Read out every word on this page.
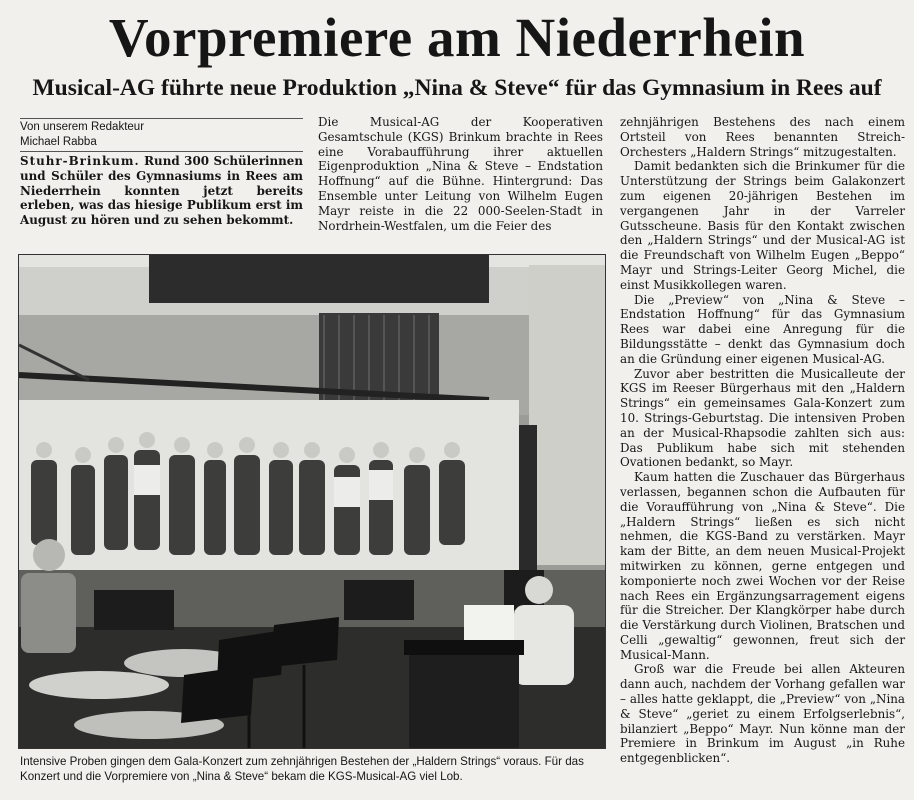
Vorpremiere am Niederrhein
Musical-AG führte neue Produktion „Nina & Steve“ für das Gymnasium in Rees auf
Von unserem Redakteur
Michael Rabba

Stuhr-Brinkum. Rund 300 Schülerinnen und Schüler des Gymnasiums in Rees am Niederrhein konnten jetzt bereits erleben, was das hiesige Publikum erst im August zu hören und zu sehen bekommt.

Die Musical-AG der Kooperativen Gesamtschule (KGS) Brinkum brachte in Rees eine Vorabaufführung ihrer aktuellen Eigenproduktion „Nina & Steve – Endstation Hoffnung“ auf die Bühne. Hintergrund: Das Ensemble unter Leitung von Wilhelm Eugen Mayr reiste in die 22 000-Seelen-Stadt in Nordrhein-Westfalen, um die Feier des

zehnjährigen Bestehens des nach einem Ortsteil von Rees benannten Streich-Orchesters „Haldern Strings“ mitzugestalten.

Damit bedankten sich die Brinkumer für die Unterstützung der Strings beim Galakonzert zum eigenen 20-jährigen Bestehen im vergangenen Jahr in der Varreler Gutsscheune. Basis für den Kontakt zwischen den „Haldern Strings“ und der Musical-AG ist die Freundschaft von Wilhelm Eugen „Beppo“ Mayr und Strings-Leiter Georg Michel, die einst Musikkollegen waren.

Die „Preview“ von „Nina & Steve – Endstation Hoffnung“ für das Gymnasium Rees war dabei eine Anregung für die Bildungsstätte – denkt das Gymnasium doch an die Gründung einer eigenen Musical-AG.

Zuvor aber bestritten die Musicalleute der KGS im Reeser Bürgerhaus mit den „Haldern Strings“ ein gemeinsames Gala-Konzert zum 10. Strings-Geburtstag. Die intensiven Proben an der Musical-Rhapsodie zahlten sich aus: Das Publikum habe sich mit stehenden Ovationen bedankt, so Mayr.

Kaum hatten die Zuschauer das Bürgerhaus verlassen, begannen schon die Aufbauten für die Voraufführung von „Nina & Steve“. Die „Haldern Strings“ ließen es sich nicht nehmen, die KGS-Band zu verstärken. Mayr kam der Bitte, an dem neuen Musical-Projekt mitwirken zu können, gerne entgegen und komponierte noch zwei Wochen vor der Reise nach Rees ein Ergänzungsarragement eigens für die Streicher. Der Klangkörper habe durch die Verstärkung durch Violinen, Bratschen und Celli „gewaltig“ gewonnen, freut sich der Musical-Mann.

Groß war die Freude bei allen Akteuren dann auch, nachdem der Vorhang gefallen war – alles hatte geklappt, die „Preview“ von „Nina & Steve“ „geriet zu einem Erfolgserlebnis“, bilanziert „Beppo“ Mayr. Nun könne man der Premiere in Brinkum im August „in Ruhe entgegenblicken“.

Intensive Proben gingen dem Gala-Konzert zum zehnjährigen Bestehen der „Haldern Strings“ voraus. Für das Konzert und die Vorpremiere von „Nina & Steve“ bekam die KGS-Musical-AG viel Lob.
